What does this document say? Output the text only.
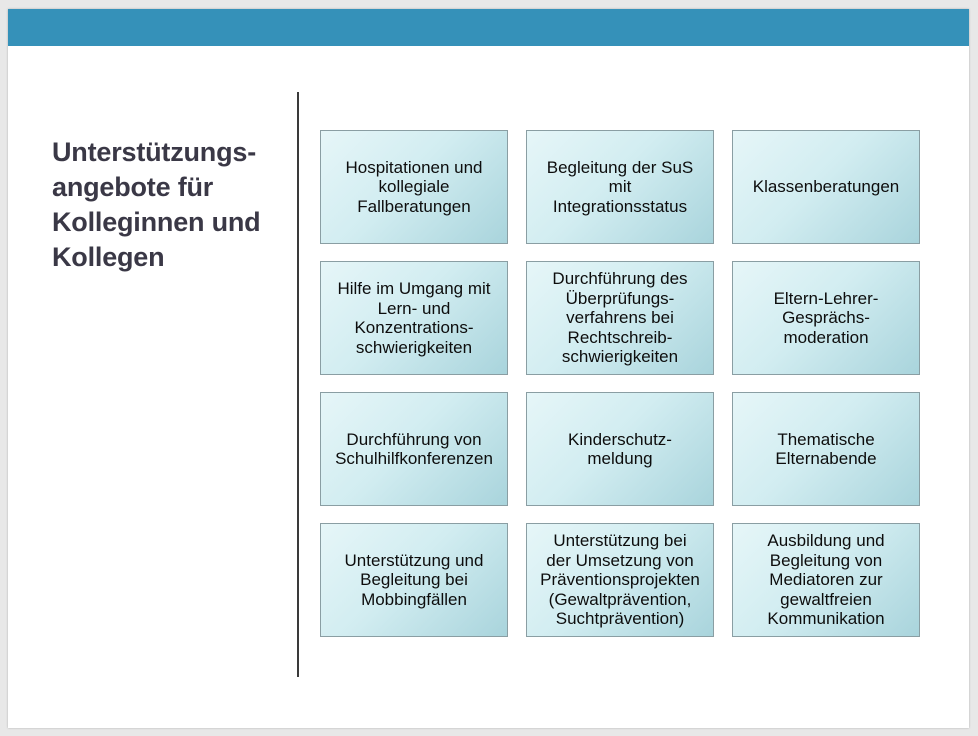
Unterstützungs-
angebote für
Kolleginnen und
Kollegen
Hospitationen und
kollegiale
Fallberatungen
Begleitung der SuS
mit
Integrationsstatus
Klassenberatungen
Hilfe im Umgang mit
Lern- und
Konzentrations-
schwierigkeiten
Durchführung des
Überprüfungs-
verfahrens bei
Rechtschreib-
schwierigkeiten
Eltern-Lehrer-
Gesprächs-
moderation
Durchführung von
Schulhilfkonferenzen
Kinderschutz-
meldung
Thematische
Elternabende
Unterstützung und
Begleitung bei
Mobbingfällen
Unterstützung bei
der Umsetzung von
Präventionsprojekten
(Gewaltprävention,
Suchtprävention)
Ausbildung und
Begleitung von
Mediatoren zur
gewaltfreien
Kommunikation
